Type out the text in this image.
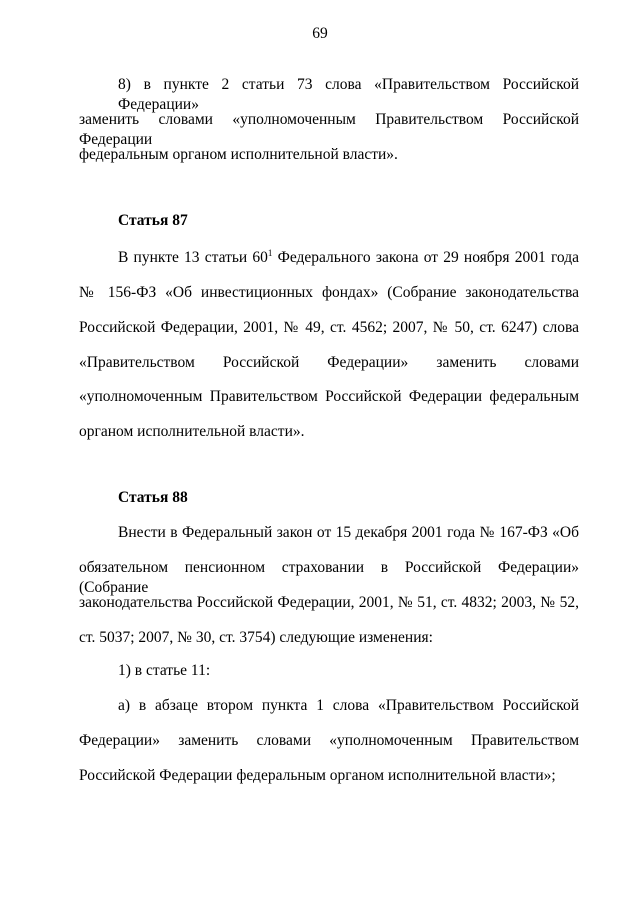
69
8) в пункте 2 статьи 73 слова «Правительством Российской Федерации»
заменить словами «уполномоченным Правительством Российской Федерации
федеральным органом исполнительной власти».
Статья 87
В пункте 13 статьи $60^1$ Федерального закона от 29 ноября 2001 года
№ 156-ФЗ «Об инвестиционных фондах» (Собрание законодательства
Российской Федерации, 2001, № 49, ст. 4562; 2007, № 50, ст. 6247) слова
«Правительством Российской Федерации» заменить словами
«уполномоченным Правительством Российской Федерации федеральным
органом исполнительной власти».
Статья 88
Внести в Федеральный закон от 15 декабря 2001 года № 167-ФЗ «Об
обязательном пенсионном страховании в Российской Федерации» (Собрание
законодательства Российской Федерации, 2001, № 51, ст. 4832; 2003, № 52,
ст. 5037; 2007, № 30, ст. 3754) следующие изменения:
1) в статье 11:
а) в абзаце втором пункта 1 слова «Правительством Российской
Федерации» заменить словами «уполномоченным Правительством
Российской Федерации федеральным органом исполнительной власти»;
